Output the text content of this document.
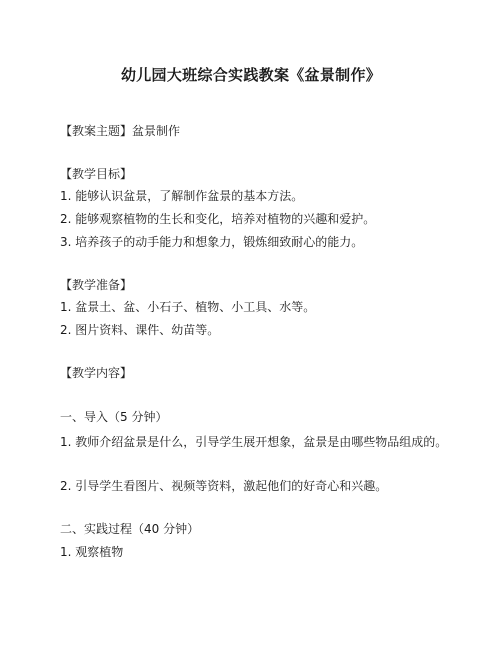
幼儿园大班综合实践教案《盆景制作》
【教案主题】盆景制作
【教学目标】
1. 能够认识盆景，了解制作盆景的基本方法。
2. 能够观察植物的生长和变化，培养对植物的兴趣和爱护。
3. 培养孩子的动手能力和想象力，锻炼细致耐心的能力。
【教学准备】
1. 盆景土、盆、小石子、植物、小工具、水等。
2. 图片资料、课件、幼苗等。
【教学内容】
一、导入（5 分钟）
1. 教师介绍盆景是什么，引导学生展开想象，盆景是由哪些物品组成的。
2. 引导学生看图片、视频等资料，激起他们的好奇心和兴趣。
二、实践过程（40 分钟）
1. 观察植物
